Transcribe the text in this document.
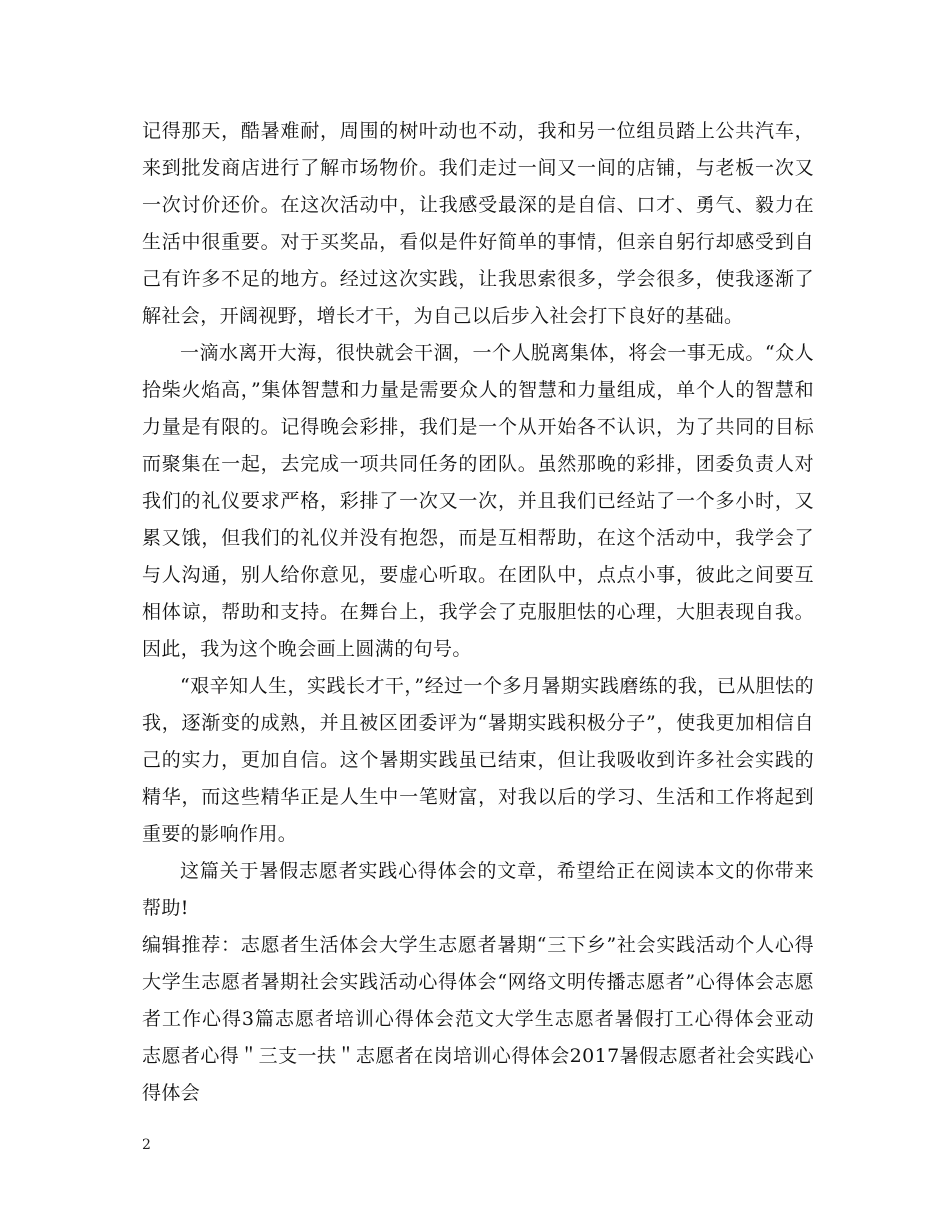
记得那天，酷暑难耐，周围的树叶动也不动，我和另一位组员踏上公共汽车，来到批发商店进行了解市场物价。我们走过一间又一间的店铺，与老板一次又一次讨价还价。在这次活动中，让我感受最深的是自信、口才、勇气、毅力在生活中很重要。对于买奖品，看似是件好简单的事情，但亲自躬行却感受到自己有许多不足的地方。经过这次实践，让我思索很多，学会很多，使我逐渐了解社会，开阔视野，增长才干，为自己以后步入社会打下良好的基础。

一滴水离开大海，很快就会干涸，一个人脱离集体，将会一事无成。“众人拾柴火焰高，”集体智慧和力量是需要众人的智慧和力量组成，单个人的智慧和力量是有限的。记得晚会彩排，我们是一个从开始各不认识，为了共同的目标而聚集在一起，去完成一项共同任务的团队。虽然那晚的彩排，团委负责人对我们的礼仪要求严格，彩排了一次又一次，并且我们已经站了一个多小时，又累又饿，但我们的礼仪并没有抱怨，而是互相帮助，在这个活动中，我学会了与人沟通，别人给你意见，要虚心听取。在团队中，点点小事，彼此之间要互相体谅，帮助和支持。在舞台上，我学会了克服胆怯的心理，大胆表现自我。因此，我为这个晚会画上圆满的句号。

“艰辛知人生，实践长才干，”经过一个多月暑期实践磨练的我，已从胆怯的我，逐渐变的成熟，并且被区团委评为“暑期实践积极分子”，使我更加相信自己的实力，更加自信。这个暑期实践虽已结束，但让我吸收到许多社会实践的精华，而这些精华正是人生中一笔财富，对我以后的学习、生活和工作将起到重要的影响作用。

这篇关于暑假志愿者实践心得体会的文章，希望给正在阅读本文的你带来帮助!

编辑推荐：志愿者生活体会大学生志愿者暑期“三下乡”社会实践活动个人心得大学生志愿者暑期社会实践活动心得体会“网络文明传播志愿者”心得体会志愿者工作心得3篇志愿者培训心得体会范文大学生志愿者暑假打工心得体会亚动志愿者心得＂三支一扶＂志愿者在岗培训心得体会2017暑假志愿者社会实践心得体会

2
